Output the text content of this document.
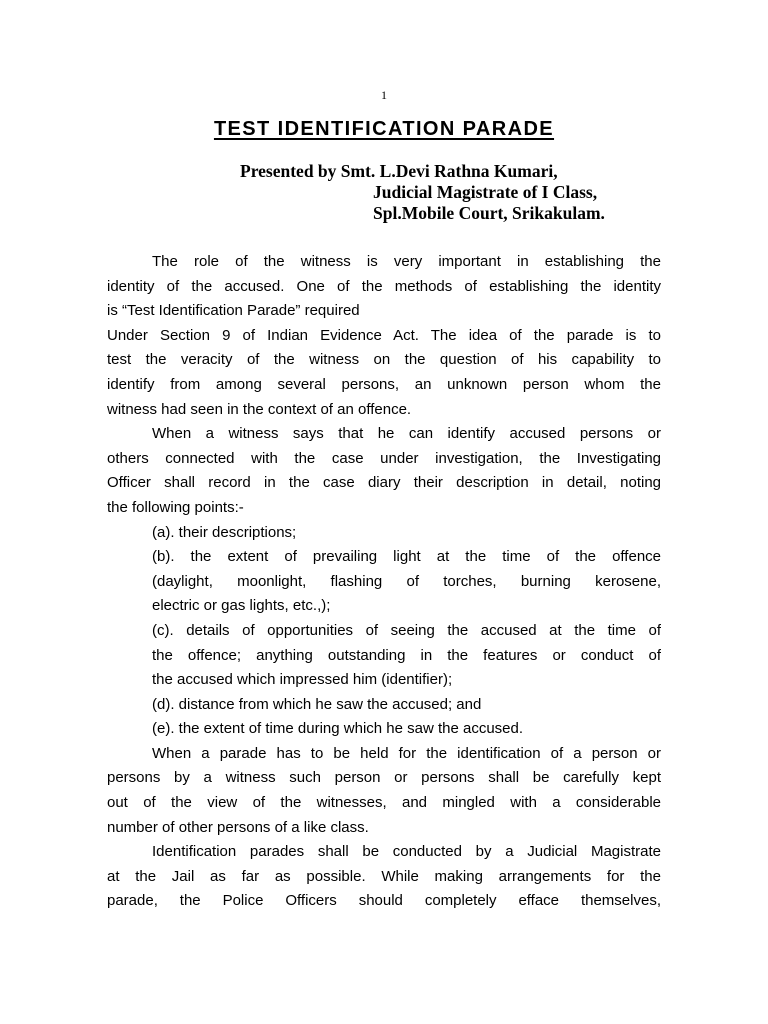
1
TEST IDENTIFICATION PARADE
Presented by Smt. L.Devi Rathna Kumari,
Judicial Magistrate of I Class,
Spl.Mobile Court, Srikakulam.
The role of the witness is very important in establishing the
identity of the accused. One of the methods of establishing the identity
is “Test Identification Parade” required
Under Section 9 of Indian Evidence Act. The idea of the parade is to
test the veracity of the witness on the question of his capability to
identify from among several persons, an unknown person whom the
witness had seen in the context of an offence.
When a witness says that he can identify accused persons or
others connected with the case under investigation, the Investigating
Officer shall record in the case diary their description in detail, noting
the following points:-
(a). their descriptions;
(b). the extent of prevailing light at the time of the offence
(daylight, moonlight, flashing of torches, burning kerosene,
electric or gas lights, etc.,);
(c). details of opportunities of seeing the accused at the time of
the offence; anything outstanding in the features or conduct of
the accused which impressed him (identifier);
(d). distance from which he saw the accused; and
(e). the extent of time during which he saw the accused.
When a parade has to be held for the identification of a person or
persons by a witness such person or persons shall be carefully kept
out of the view of the witnesses, and mingled with a considerable
number of other persons of a like class.
Identification parades shall be conducted by a Judicial Magistrate
at the Jail as far as possible. While making arrangements for the
parade, the Police Officers should completely efface themselves,
